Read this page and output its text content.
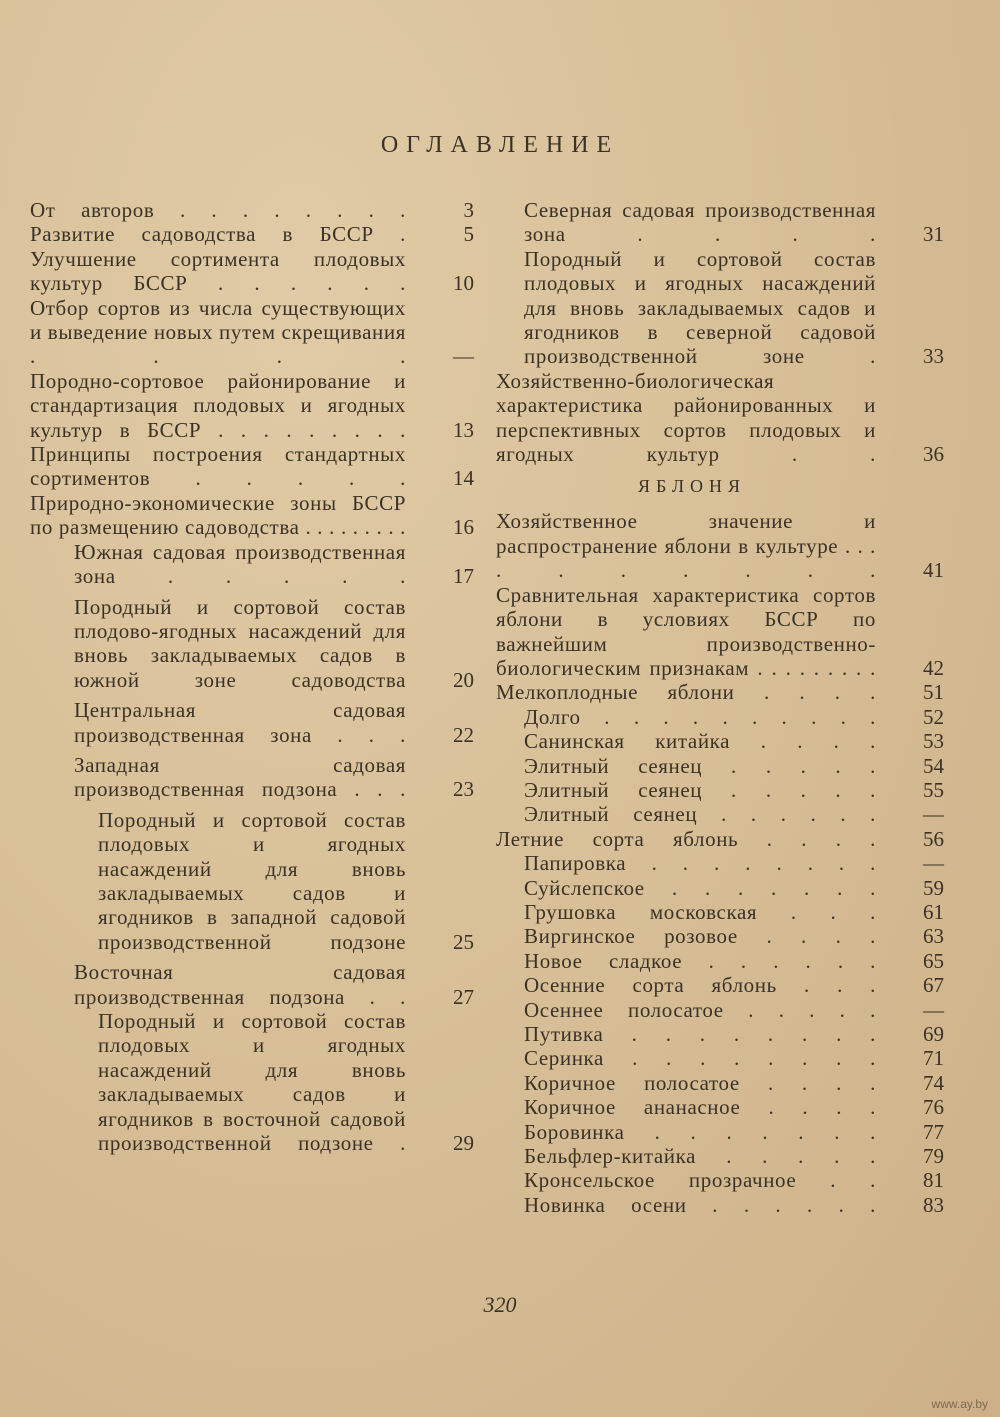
ОГЛАВЛЕНИЕ
От авторов . . . . . . . .	3
Развитие садоводства в БССР .	5
Улучшение сортимента плодовых культур БССР . . . . . .	10
Отбор сортов из числа существующих и выведение новых путем скрещивания . . . .	—
Породно-сортовое районирование и стандартизация плодовых и ягодных культур в БССР . . . . . . . . .	13
Принципы построения стандартных сортиментов . . . . .	14
Природно-экономические зоны БССР по размещению садоводства . . . . . . . . .	16
Южная садовая производственная зона . . . . .	17
Породный и сортовой состав плодово-ягодных насаждений для вновь закладываемых садов в южной зоне садоводства	20
Центральная садовая производственная зона . . .	22
Западная садовая производственная подзона . . .	23
Породный и сортовой состав плодовых и ягодных насаждений для вновь закладываемых садов и ягодников в западной садовой производственной подзоне	25
Восточная садовая производственная подзона . .	27
Породный и сортовой состав плодовых и ягодных насаждений для вновь закладываемых садов и ягодников в восточной садовой производственной подзоне .	29
Северная садовая производственная зона . . . .	31
Породный и сортовой состав плодовых и ягодных насаждений для вновь закладываемых садов и ягодников в северной садовой производственной зоне .	33
Хозяйственно-биологическая характеристика районированных и перспективных сортов плодовых и ягодных культур . .	36
ЯБЛОНЯ
Хозяйственное значение и распространение яблони в культуре . . . . . . . . . .	41
Сравнительная характеристика сортов яблони в условиях БССР по важнейшим производственно-биологическим признакам . . . . . . . . .	42
Мелкоплодные яблони . . . .	51
Долго . . . . . . . . . .	52
Санинская китайка . . . .	53
Элитный сеянец . . . . .	54
Элитный сеянец . . . . .	55
Элитный сеянец . . . . . .	—
Летние сорта яблонь . . . .	56
Папировка . . . . . . . .	—
Суйслепское . . . . . . .	59
Грушовка московская . . .	61
Виргинское розовое . . . .	63
Новое сладкое . . . . . .	65
Осенние сорта яблонь . . .	67
Осеннее полосатое . . . . .	—
Путивка . . . . . . . .	69
Серинка . . . . . . . .	71
Коричное полосатое . . . .	74
Коричное ананасное . . . .	76
Боровинка . . . . . . .	77
Бельфлер-китайка . . . . .	79
Кронсельское прозрачное . .	81
Новинка осени . . . . . .	83
320
www.ay.by
